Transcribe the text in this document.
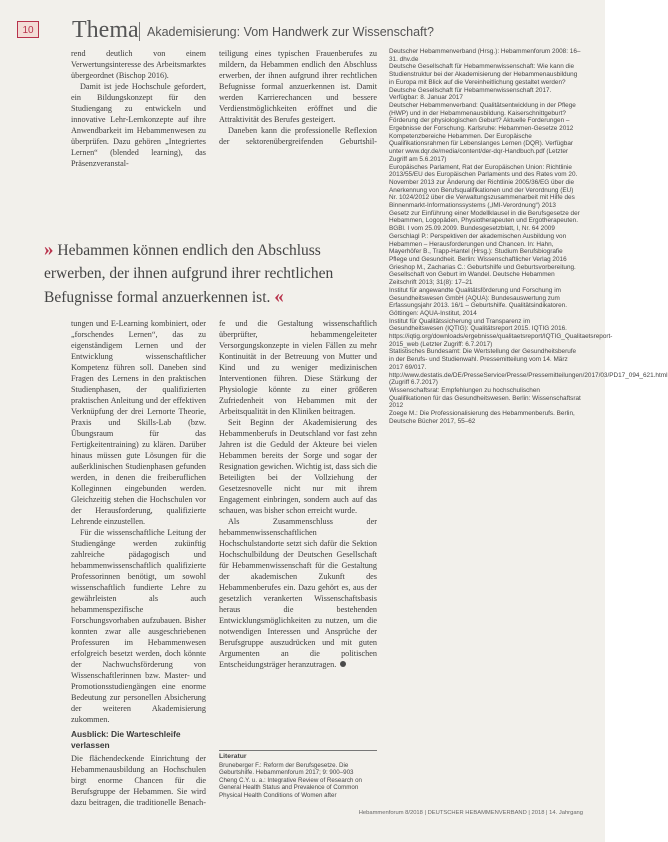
10 Thema Akademisierung: Vom Handwerk zur Wissenschaft?

rend deutlich von einem Verwertungsinteresse des Arbeitsmarktes übergeordnet (Bischop 2016).

Damit ist jede Hochschule gefordert, ein Bildungskonzept für den Studiengang zu entwickeln und innovative Lehr-Lernkonzepte auf ihre Anwendbarkeit im Hebammenwesen zu überprüfen. Dazu gehören „Integriertes Lernen“ (blended learning), das Präsenzveranstal-

teiligung eines typischen Frauenberufes zu mildern, da Hebammen endlich den Abschluss erwerben, der ihnen aufgrund ihrer rechtlichen Befugnisse formal anzuerkennen ist. Damit werden Karrierechancen und bessere Verdienstmöglichkeiten eröffnet und die Attraktivität des Berufes gesteigert.

Daneben kann die professionelle Reflexion der sektorenübergreifenden Geburtshil-

» Hebammen können endlich den Abschluss
erwerben, der ihnen aufgrund ihrer rechtlichen
Befugnisse formal anzuerkennen ist. «

tungen und E-Learning kombiniert, oder „forschendes Lernen“, das zu eigenständigem Lernen und der Entwicklung wissenschaftlicher Kompetenz führen soll. Daneben sind Fragen des Lernens in den praktischen Studienphasen, der qualifizierten praktischen Anleitung und der effektiven Verknüpfung der drei Lernorte Theorie, Praxis und Skills-Lab (bzw. Übungsraum für das Fertigkeitentraining) zu klären. Darüber hinaus müssen gute Lösungen für die außerklinischen Studienphasen gefunden werden, in denen die freiberuflichen Kolleginnen eingebunden werden. Gleichzeitig stehen die Hochschulen vor der Herausforderung, qualifizierte Lehrende einzustellen.

Für die wissenschaftliche Leitung der Studiengänge werden zukünftig zahlreiche pädagogisch und hebammenwissenschaftlich qualifizierte Professorinnen benötigt, um sowohl wissenschaftlich fundierte Lehre zu gewährleisten als auch hebammenspezifische Forschungsvorhaben aufzubauen. Bisher konnten zwar alle ausgeschriebenen Professuren im Hebammenwesen erfolgreich besetzt werden, doch könnte der Nachwuchsförderung von Wissenschaftlerinnen bzw. Master- und Promotionsstudiengängen eine enorme Bedeutung zur personellen Absicherung der weiteren Akademisierung zukommen.

Ausblick: Die Warteschleife verlassen

Die flächendeckende Einrichtung der Hebammenausbildung an Hochschulen birgt enorme Chancen für die Berufsgruppe der Hebammen. Sie wird dazu beitragen, die traditionelle Benach-

fe und die Gestaltung wissenschaftlich überprüfter, hebammengeleiteter Versorgungskonzepte in vielen Fällen zu mehr Kontinuität in der Betreuung von Mutter und Kind und zu weniger medizinischen Interventionen führen. Diese Stärkung der Physiologie könnte zu einer größeren Zufriedenheit von Hebammen mit der Arbeitsqualität in den Kliniken beitragen.

Seit Beginn der Akademisierung des Hebammenberufs in Deutschland vor fast zehn Jahren ist die Geduld der Akteure bei vielen Hebammen bereits der Sorge und sogar der Resignation gewichen. Wichtig ist, dass sich die Beteiligten bei der Vollziehung der Gesetzesnovelle nicht nur mit ihrem Engagement einbringen, sondern auch auf das schauen, was bisher schon erreicht wurde.

Als Zusammenschluss der hebammenwissenschaftlichen Hochschulstandorte setzt sich dafür die Sektion Hochschulbildung der Deutschen Gesellschaft für Hebammenwissenschaft für die Gestaltung der akademischen Zukunft des Hebammenberufes ein. Dazu gehört es, aus der gesetzlich verankerten Wissenschaftsbasis heraus die bestehenden Entwicklungsmöglichkeiten zu nutzen, um die notwendigen Interessen und Ansprüche der Berufsgruppe auszudrücken und mit guten Argumenten an die politischen Entscheidungsträger heranzutragen.

Literatur

Bruneberger F.: Reform der Berufsgesetze. Die Geburtshilfe. Hebammenforum 2017; 9: 900–903

Cheng C.Y. u. a.: Integrative Review of Research on General Health Status and Prevalence of Common Physical Health Conditions of Women after

Deutscher Hebammenverband (Hrsg.): Hebammenforum 2008: 16–31. dhv.de

Deutsche Gesellschaft für Hebammenwissenschaft: Wie kann die Studienstruktur bei der Akademisierung der Hebammenausbildung in Europa mit Blick auf die Vereinheitlichung gestaltet werden? Deutsche Gesellschaft für Hebammenwissenschaft 2017. Verfügbar: 8. Januar 2017

Deutscher Hebammenverband: Qualitätsentwicklung in der Pflege (HWP) und in der Hebammenausbildung. Kaiserschnittgeburt? Förderung der physiologischen Geburt? Aktuelle Forderungen – Ergebnisse der Forschung. Karlsruhe: Hebammen-Gesetze 2012

Kompetenzbereiche Hebammen. Der Europäische Qualifikationsrahmen für Lebenslanges Lernen (DQR). Verfügbar unter www.dqr.de/media/content/der-dqr-Handbuch.pdf (Letzter Zugriff am 5.6.2017)

Europäisches Parlament, Rat der Europäischen Union: Richtlinie 2013/55/EU des Europäischen Parlaments und des Rates vom 20. November 2013 zur Änderung der Richtlinie 2005/36/EG über die Anerkennung von Berufsqualifikationen und der Verordnung (EU) Nr. 1024/2012 über die Verwaltungszusammenarbeit mit Hilfe des Binnenmarkt-Informationssystems („IMI-Verordnung“) 2013

Gesetz zur Einführung einer Modellklausel in die Berufsgesetze der Hebammen, Logopäden, Physiotherapeuten und Ergotherapeuten. BGBl. I vom 25.09.2009. Bundesgesetzblatt, I, Nr. 64 2009

Gerschlagl P.: Perspektiven der akademischen Ausbildung von Hebammen – Herausforderungen und Chancen. In: Hahn, Mayerhöfer B., Trapp-Hantel (Hrsg.): Studium Berufsbiografie Pflege und Gesundheit. Berlin: Wissenschaftlicher Verlag 2016

Grieshop M., Zacharias C.: Geburtshilfe und Geburtsvorbereitung. Gesellschaft von Geburt im Wandel. Deutsche Hebammen Zeitschrift 2013; 31(8): 17–21

Institut für angewandte Qualitätsförderung und Forschung im Gesundheitswesen GmbH (AQUA): Bundesauswertung zum Erfassungsjahr 2013. 16/1 – Geburtshilfe. Qualitätsindikatoren. Göttingen: AQUA-Institut, 2014

Institut für Qualitätssicherung und Transparenz im Gesundheitswesen (IQTIG): Qualitätsreport 2015. IQTIG 2016. https://iqtig.org/downloads/ergebnisse/qualitaetsreport/IQTIG_Qualitaetsreport-2015_web (Letzter Zugriff: 6.7.2017)

Statistisches Bundesamt: Die Wertstellung der Gesundheitsberufe in der Berufs- und Studienwahl. Pressemitteilung vom 14. März 2017 69/017. http://www.destatis.de/DE/PresseService/Presse/Pressemitteilungen/2017/03/PD17_094_621.html (Zugriff 6.7.2017)

Wissenschaftsrat: Empfehlungen zu hochschulischen Qualifikationen für das Gesundheitswesen. Berlin: Wissenschaftsrat 2012

Zoege M.: Die Professionalisierung des Hebammenberufs. Berlin, Deutsche Bücher 2017, 55–62

Hebammenforum 8/2018 | DEUTSCHER HEBAMMENVERBAND | 2018 | 14. Jahrgang
